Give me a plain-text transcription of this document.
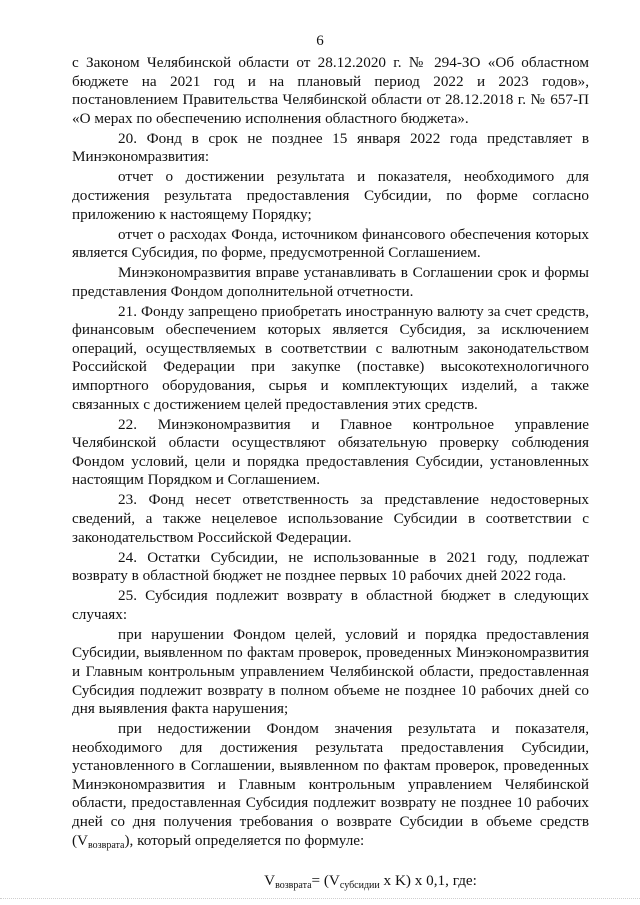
6

с Законом Челябинской области от 28.12.2020 г. № 294-ЗО «Об областном бюджете на 2021 год и на плановый период 2022 и 2023 годов», постановлением Правительства Челябинской области от 28.12.2018 г. № 657-П «О мерах по обеспечению исполнения областного бюджета».

20. Фонд в срок не позднее 15 января 2022 года представляет в Минэкономразвития:

отчет о достижении результата и показателя, необходимого для достижения результата предоставления Субсидии, по форме согласно приложению к настоящему Порядку;

отчет о расходах Фонда, источником финансового обеспечения которых является Субсидия, по форме, предусмотренной Соглашением.

Минэкономразвития вправе устанавливать в Соглашении срок и формы представления Фондом дополнительной отчетности.

21. Фонду запрещено приобретать иностранную валюту за счет средств, финансовым обеспечением которых является Субсидия, за исключением операций, осуществляемых в соответствии с валютным законодательством Российской Федерации при закупке (поставке) высокотехнологичного импортного оборудования, сырья и комплектующих изделий, а также связанных с достижением целей предоставления этих средств.

22. Минэкономразвития и Главное контрольное управление Челябинской области осуществляют обязательную проверку соблюдения Фондом условий, цели и порядка предоставления Субсидии, установленных настоящим Порядком и Соглашением.

23. Фонд несет ответственность за представление недостоверных сведений, а также нецелевое использование Субсидии в соответствии с законодательством Российской Федерации.

24. Остатки Субсидии, не использованные в 2021 году, подлежат возврату в областной бюджет не позднее первых 10 рабочих дней 2022 года.

25. Субсидия подлежит возврату в областной бюджет в следующих случаях:

при нарушении Фондом целей, условий и порядка предоставления Субсидии, выявленном по фактам проверок, проведенных Минэкономразвития и Главным контрольным управлением Челябинской области, предоставленная Субсидия подлежит возврату в полном объеме не позднее 10 рабочих дней со дня выявления факта нарушения;

при недостижении Фондом значения результата и показателя, необходимого для достижения результата предоставления Субсидии, установленного в Соглашении, выявленном по фактам проверок, проведенных Минэкономразвития и Главным контрольным управлением Челябинской области, предоставленная Субсидия подлежит возврату не позднее 10 рабочих дней со дня получения требования о возврате Субсидии в объеме средств (Vвозврата), который определяется по формуле:

$V_{возврата}= (V_{субсидии}$ x K) x 0,1, где:
